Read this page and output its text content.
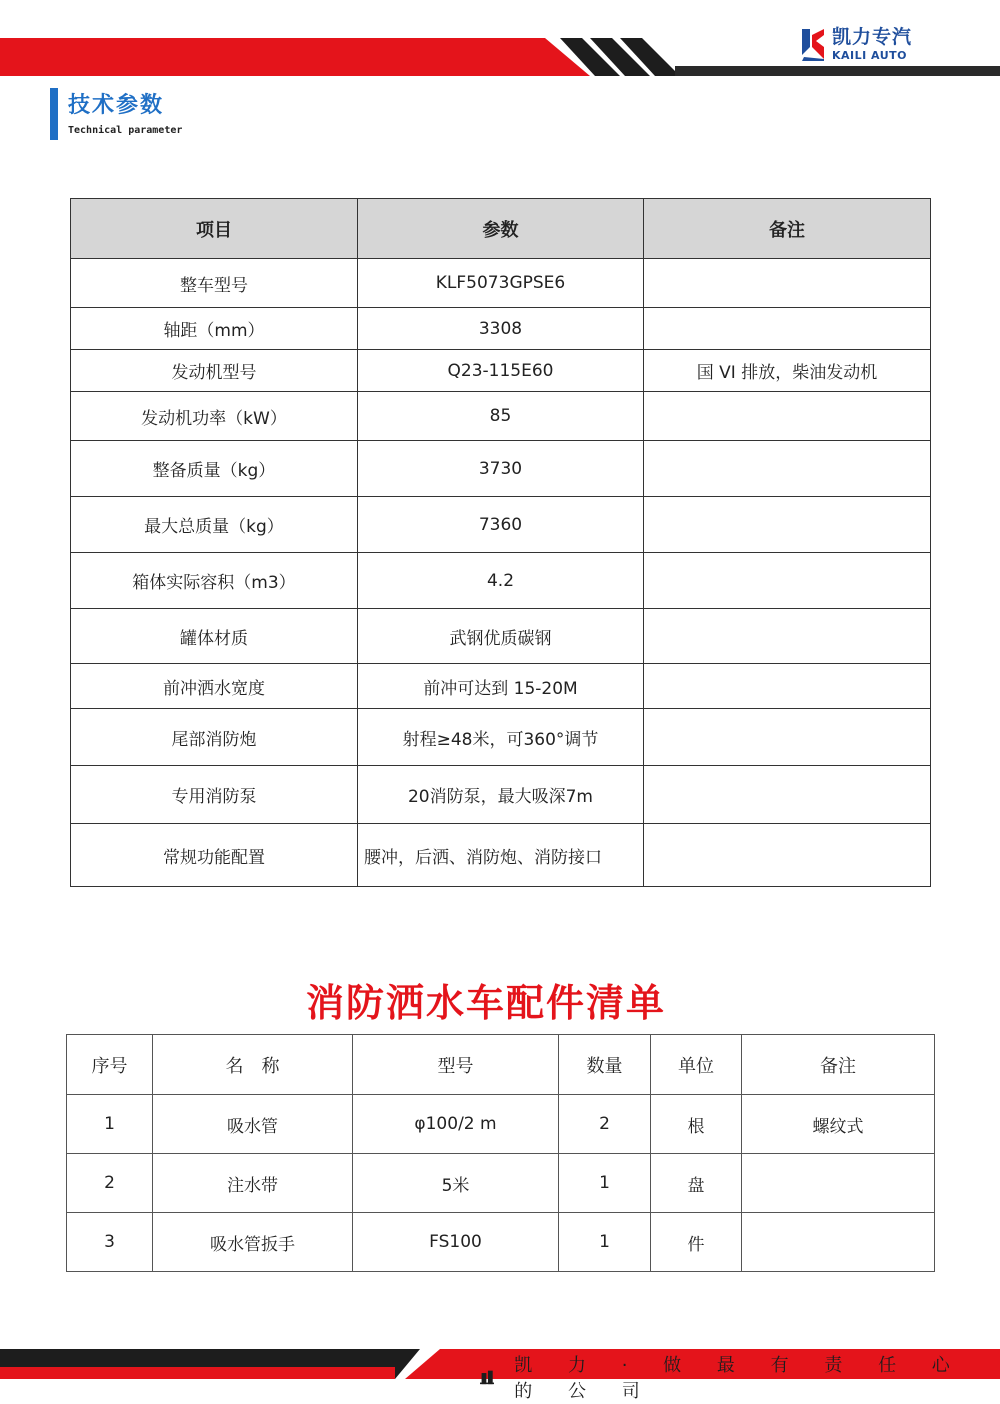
凯力专汽
KAILI AUTO
技术参数
Technical parameter
项目	参数	备注
整车型号	KLF5073GPSE6	
轴距（mm）	3308	
发动机型号	Q23-115E60	国 VI 排放，柴油发动机
发动机功率（kW）	85	
整备质量（kg）	3730	
最大总质量（kg）	7360	
箱体实际容积（m3）	4.2	
罐体材质	武钢优质碳钢	
前冲洒水宽度	前冲可达到 15-20M	
尾部消防炮	射程≥48米，可360°调节	
专用消防泵	20消防泵，最大吸深7m	
常规功能配置	腰冲，后洒、消防炮、消防接口	
消防洒水车配件清单
序号	名　称	型号	数量	单位	备注
1	吸水管	φ100/2 m	2	根	螺纹式
2	注水带	5米	1	盘	
3	吸水管扳手	FS100	1	件	
凯 力 · 做 最 有 责 任 心 的 公 司
